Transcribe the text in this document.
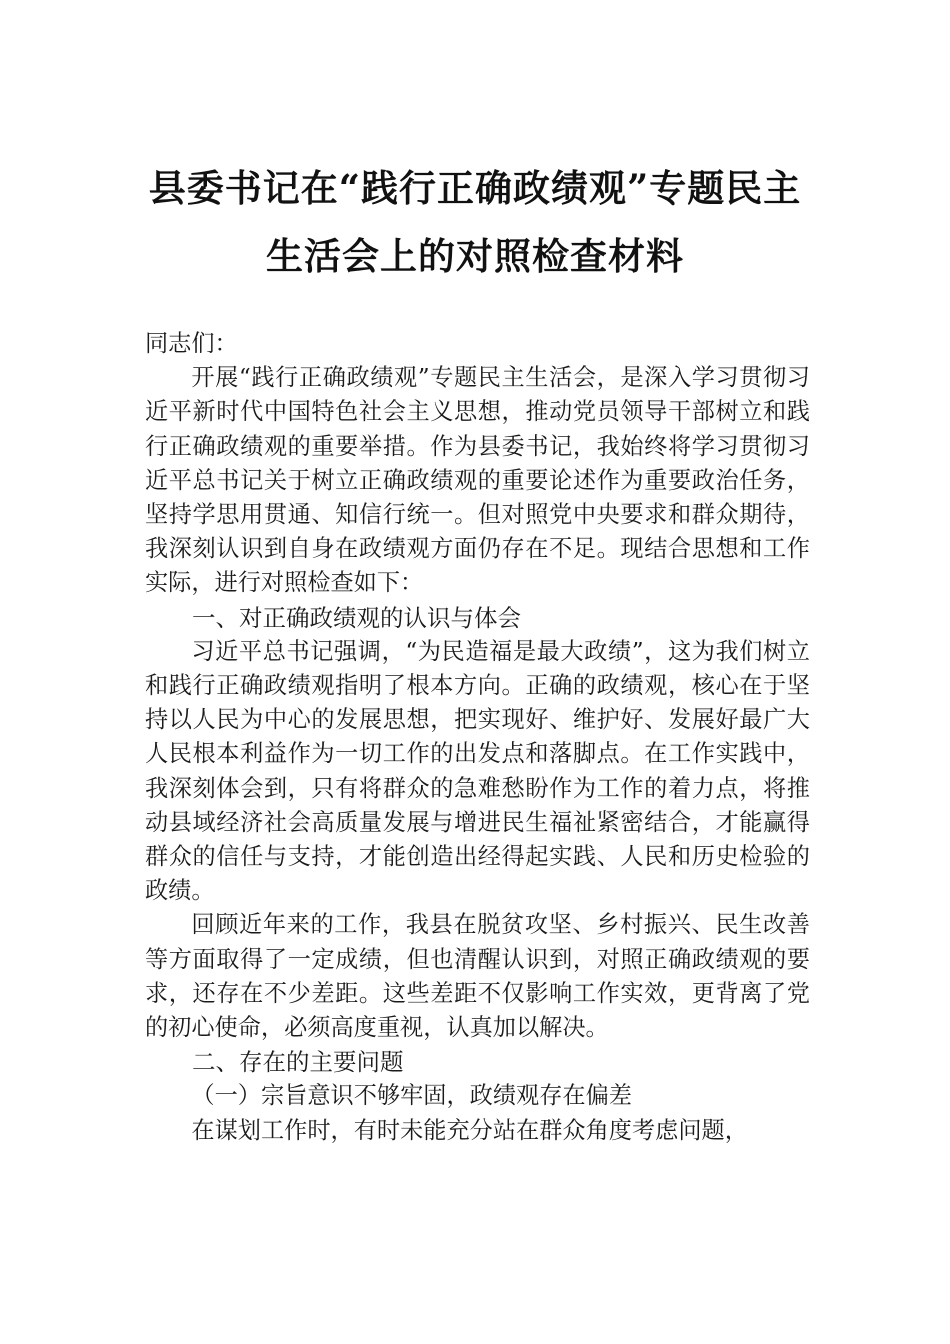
县委书记在“践行正确政绩观”专题民主
生活会上的对照检查材料

同志们：

开展“践行正确政绩观”专题民主生活会，是深入学习贯彻习近平新时代中国特色社会主义思想，推动党员领导干部树立和践行正确政绩观的重要举措。作为县委书记，我始终将学习贯彻习近平总书记关于树立正确政绩观的重要论述作为重要政治任务，坚持学思用贯通、知信行统一。但对照党中央要求和群众期待，我深刻认识到自身在政绩观方面仍存在不足。现结合思想和工作实际，进行对照检查如下：

一、对正确政绩观的认识与体会

习近平总书记强调，“为民造福是最大政绩”，这为我们树立和践行正确政绩观指明了根本方向。正确的政绩观，核心在于坚持以人民为中心的发展思想，把实现好、维护好、发展好最广大人民根本利益作为一切工作的出发点和落脚点。在工作实践中，我深刻体会到，只有将群众的急难愁盼作为工作的着力点，将推动县域经济社会高质量发展与增进民生福祉紧密结合，才能赢得群众的信任与支持，才能创造出经得起实践、人民和历史检验的政绩。

回顾近年来的工作，我县在脱贫攻坚、乡村振兴、民生改善等方面取得了一定成绩，但也清醒认识到，对照正确政绩观的要求，还存在不少差距。这些差距不仅影响工作实效，更背离了党的初心使命，必须高度重视，认真加以解决。

二、存在的主要问题

（一）宗旨意识不够牢固，政绩观存在偏差

在谋划工作时，有时未能充分站在群众角度考虑问题，
